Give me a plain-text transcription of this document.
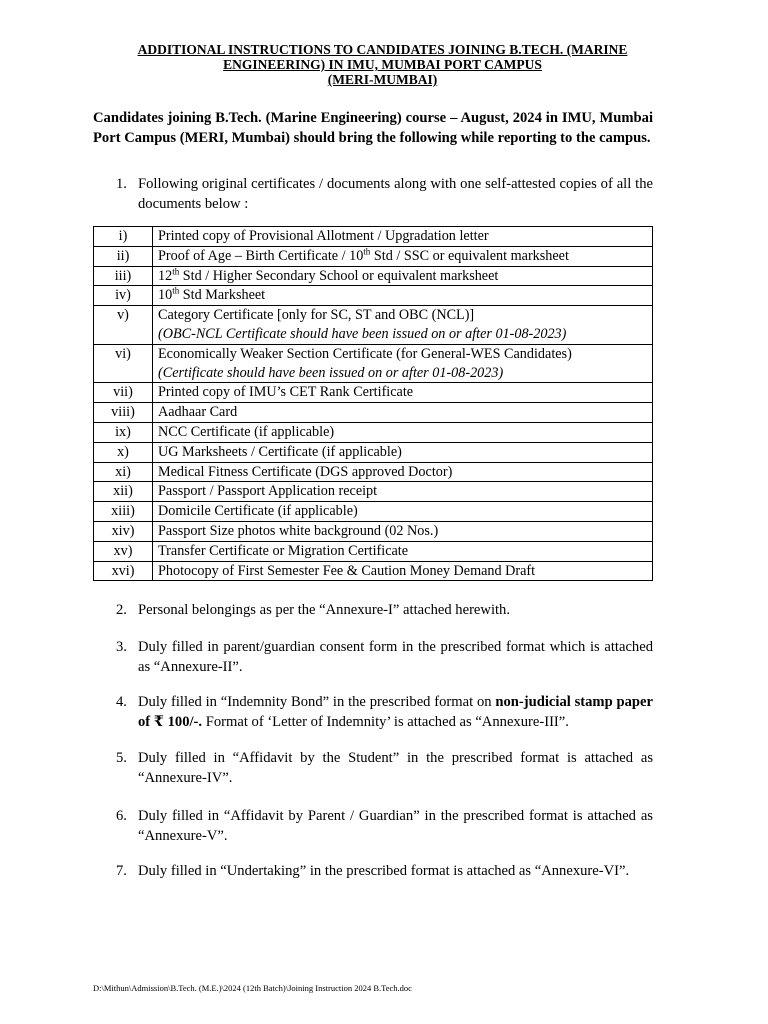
ADDITIONAL INSTRUCTIONS TO CANDIDATES JOINING B.TECH. (MARINE
ENGINEERING) IN IMU, MUMBAI PORT CAMPUS
(MERI-MUMBAI)
Candidates joining B.Tech. (Marine Engineering) course – August, 2024 in IMU, Mumbai Port Campus (MERI, Mumbai) should bring the following while reporting to the campus.
1. Following original certificates / documents along with one self-attested copies of all the documents below :
i)	Printed copy of Provisional Allotment / Upgradation letter
ii)	Proof of Age – Birth Certificate / 10th Std / SSC or equivalent marksheet
iii)	12th Std / Higher Secondary School or equivalent marksheet
iv)	10th Std Marksheet
v)	Category Certificate [only for SC, ST and OBC (NCL)]
(OBC-NCL Certificate should have been issued on or after 01-08-2023)

vi)	Economically Weaker Section Certificate (for General-WES Candidates)
(Certificate should have been issued on or after 01-08-2023)

vii)	Printed copy of IMU’s CET Rank Certificate
viii)	Aadhaar Card
ix)	NCC Certificate (if applicable)
x)	UG Marksheets / Certificate (if applicable)
xi)	Medical Fitness Certificate (DGS approved Doctor)
xii)	Passport / Passport Application receipt
xiii)	Domicile Certificate (if applicable)
xiv)	Passport Size photos white background (02 Nos.)
xv)	Transfer Certificate or Migration Certificate
xvi)	Photocopy of First Semester Fee & Caution Money Demand Draft
2. Personal belongings as per the “Annexure-I” attached herewith.
3. Duly filled in parent/guardian consent form in the prescribed format which is attached as “Annexure-II”.
4. Duly filled in “Indemnity Bond” in the prescribed format on non-judicial stamp paper of ₹ 100/-. Format of ‘Letter of Indemnity’ is attached as “Annexure-III”.
5. Duly filled in “Affidavit by the Student” in the prescribed format is attached as “Annexure-IV”.
6. Duly filled in “Affidavit by Parent / Guardian” in the prescribed format is attached as “Annexure-V”.
7. Duly filled in “Undertaking” in the prescribed format is attached as “Annexure-VI”.
D:\Mithun\Admission\B.Tech. (M.E.)\2024 (12th Batch)\Joining Instruction 2024 B.Tech.doc
